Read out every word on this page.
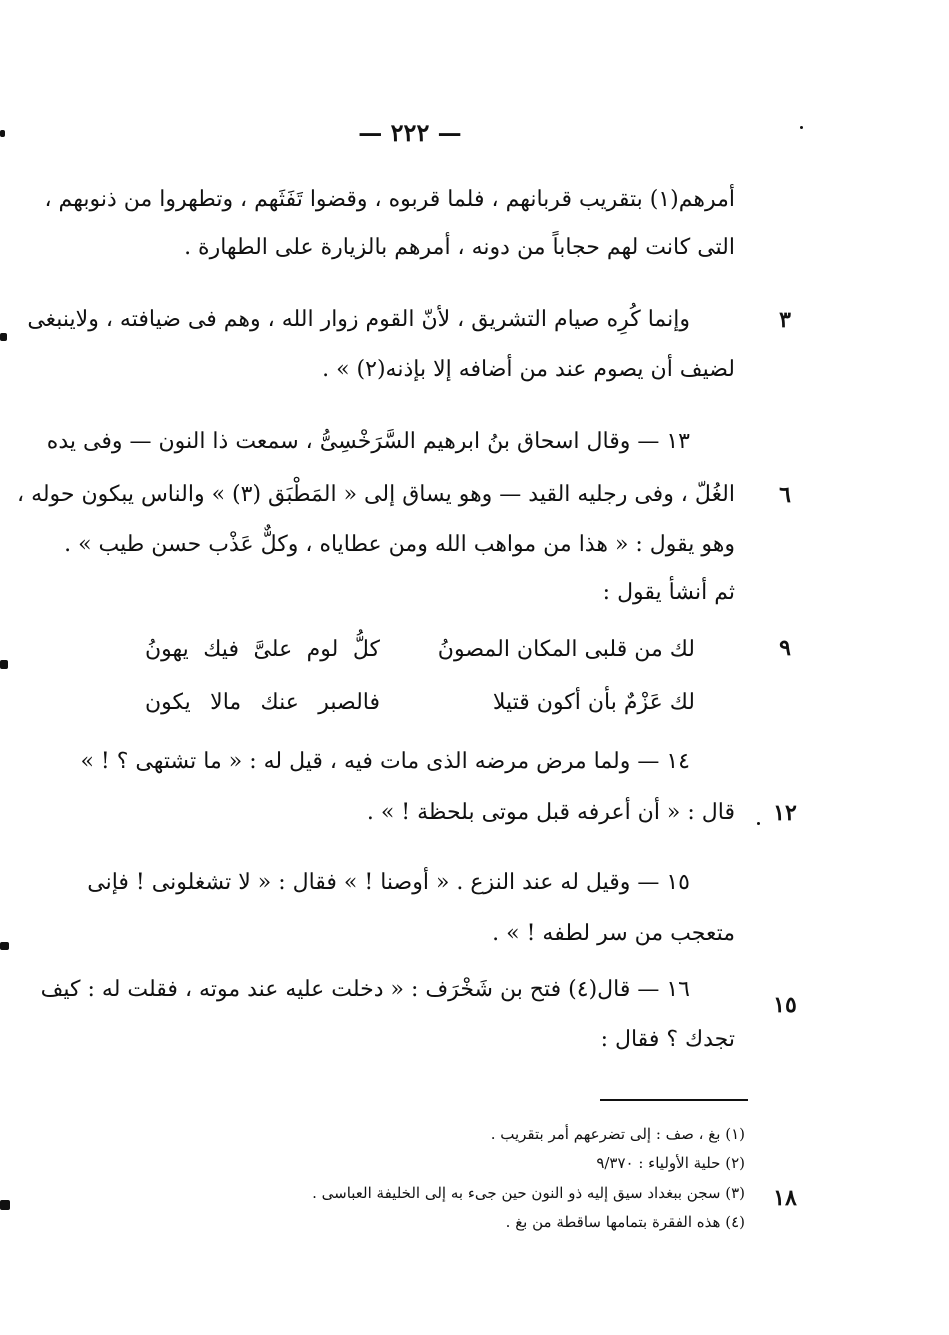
— ٢٢٢ —
أمرهم(١) بتقريب قربانهم ، فلما قربوه ، وقضوا تَفَثَهم ، وتطهروا من ذنوبهم ،
التى كانت لهم حجاباً من دونه ، أمرهم بالزيارة على الطهارة .
٣
وإنما كُرِه صيام التشريق ، لأنّ القوم زوار الله ، وهم فى ضيافته ، ولاينبغى
لضيف أن يصوم عند من أضافه إلا بإذنه(٢) » .
١٣ — وقال اسحاق بنُ ابرهيم السَّرَخْسِىُّ ، سمعت ذا النون — وفى يده
٦
الغُلّ ، وفى رجليه القيد — وهو يساق إلى « المَطْبَق (٣) » والناس يبكون حوله ،
وهو يقول : « هذا من مواهب الله ومن عطاياه ، وكلٌّ عَذْب حسن طيب » .
ثم أنشأ يقول :
٩
لك من قلبى المكان المصونُ
كلُّ لوم علىَّ فيك يهونُ
لك عَزْمٌ بأن أكون قتيلا
فالصبر عنك مالا يكون
١٤ — ولما مرض مرضه الذى مات فيه ، قيل له : « ما تشتهى ؟ ! »
١٢
قال : « أن أعرفه قبل موتى بلحظة ! » .
١٥ — وقيل له عند النزع . « أوصنا ! » فقال : « لا تشغلونى ! فإنى
متعجب من سر لطفه ! » .
١٥
١٦ — قال(٤) فتح بن شَخْرَف : « دخلت عليه عند موته ، فقلت له : كيف
تجدك ؟ فقال :
(١) بغ ، صف : إلى تضرعهم أمر بتقريب .
(٢) حلية الأولياء : ٩/٣٧٠
١٨
(٣) سجن ببغداد سيق إليه ذو النون حين جىء به إلى الخليفة العباسى .
(٤) هذه الفقرة بتمامها ساقطة من بغ .
